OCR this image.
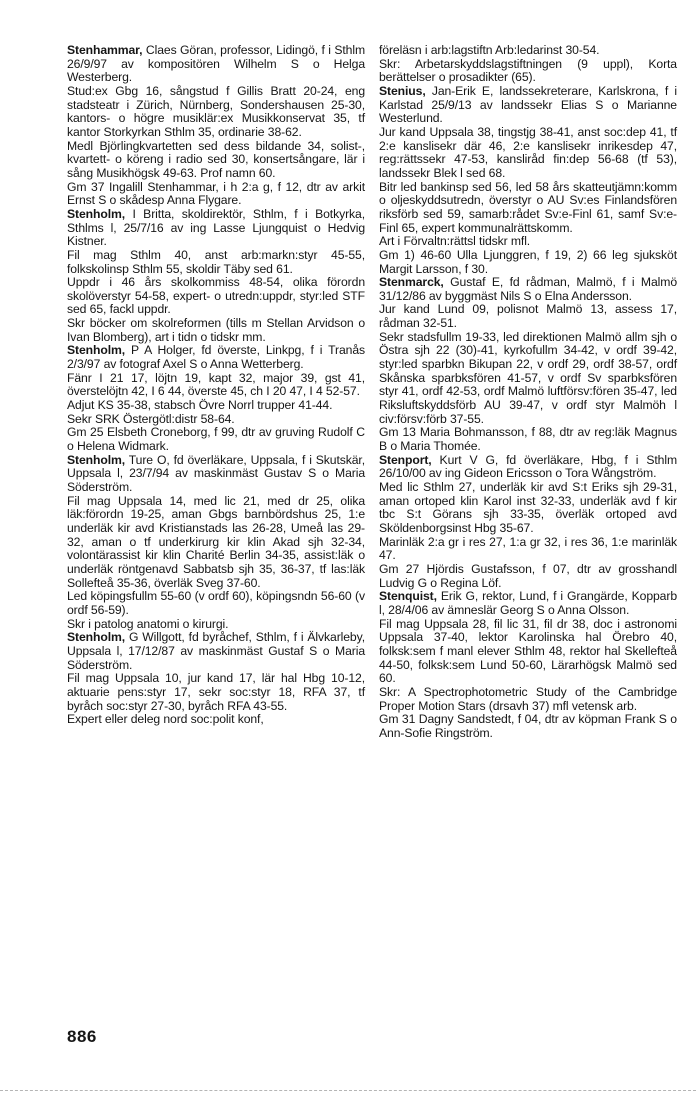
Stenhammar, Claes Göran, professor, Lidingö, f i Sthlm 26/9/97 av kompositören Wilhelm S o Helga Westerberg.

Stud:ex Gbg 16, sångstud f Gillis Bratt 20-24, eng stadsteatr i Zürich, Nürnberg, Sondershausen 25-30, kantors- o högre musiklär:ex Musikkonservat 35, tf kantor Storkyrkan Sthlm 35, ordinarie 38-62.

Medl Björlingkvartetten sed dess bildande 34, solist-, kvartett- o köreng i radio sed 30, konsertsångare, lär i sång Musikhögsk 49-63. Prof namn 60.

Gm 37 Ingalill Stenhammar, i h 2:a g, f 12, dtr av arkit Ernst S o skådesp Anna Flygare.

Stenholm, I Britta, skoldirektör, Sthlm, f i Botkyrka, Sthlms l, 25/7/16 av ing Lasse Ljungquist o Hedvig Kistner.

Fil mag Sthlm 40, anst arb:markn:styr 45-55, folkskolinsp Sthlm 55, skoldir Täby sed 61.

Uppdr i 46 års skolkommiss 48-54, olika förordn skolöverstyr 54-58, expert- o utredn:uppdr, styr:led STF sed 65, fackl uppdr.

Skr böcker om skolreformen (tills m Stellan Arvidson o Ivan Blomberg), art i tidn o tidskr mm.

Stenholm, P A Holger, fd överste, Linkpg, f i Tranås 2/3/97 av fotograf Axel S o Anna Wetterberg.

Fänr I 21 17, löjtn 19, kapt 32, major 39, gst 41, överstelöjtn 42, I 6 44, överste 45, ch I 20 47, I 4 52-57.

Adjut KS 35-38, stabsch Övre Norrl trupper 41-44.

Sekr SRK Östergötl:distr 58-64.

Gm 25 Elsbeth Croneborg, f 99, dtr av gruving Rudolf C o Helena Widmark.

Stenholm, Ture O, fd överläkare, Uppsala, f i Skutskär, Uppsala l, 23/7/94 av maskinmäst Gustav S o Maria Söderström.

Fil mag Uppsala 14, med lic 21, med dr 25, olika läk:förordn 19-25, aman Gbgs barnbördshus 25, 1:e underläk kir avd Kristianstads las 26-28, Umeå las 29-32, aman o tf underkirurg kir klin Akad sjh 32-34, volontärassist kir klin Charité Berlin 34-35, assist:läk o underläk röntgenavd Sabbatsb sjh 35, 36-37, tf las:läk Sollefteå 35-36, överläk Sveg 37-60.

Led köpingsfullm 55-60 (v ordf 60), köpingsndn 56-60 (v ordf 56-59).

Skr i patolog anatomi o kirurgi.

Stenholm, G Willgott, fd byråchef, Sthlm, f i Älvkarleby, Uppsala l, 17/12/87 av maskinmäst Gustaf S o Maria Söderström.

Fil mag Uppsala 10, jur kand 17, lär hal Hbg 10-12, aktuarie pens:styr 17, sekr soc:styr 18, RFA 37, tf byråch soc:styr 27-30, byråch RFA 43-55.

Expert eller deleg nord soc:polit konf,

föreläsn i arb:lagstiftn Arb:ledarinst 30-54.

Skr: Arbetarskyddslagstiftningen (9 uppl), Korta berättelser o prosadikter (65).

Stenius, Jan-Erik E, landssekreterare, Karlskrona, f i Karlstad 25/9/13 av landssekr Elias S o Marianne Westerlund.

Jur kand Uppsala 38, tingstjg 38-41, anst soc:dep 41, tf 2:e kanslisekr där 46, 2:e kanslisekr inrikesdep 47, reg:rättssekr 47-53, kansliråd fin:dep 56-68 (tf 53), landssekr Blek l sed 68.

Bitr led bankinsp sed 56, led 58 års skatteutjämn:komm o oljeskyddsutredn, överstyr o AU Sv:es Finlandsfören riksförb sed 59, samarb:rådet Sv:e-Finl 61, samf Sv:e-Finl 65, expert kommunalrättskomm.

Art i Förvaltn:rättsl tidskr mfl.

Gm 1) 46-60 Ulla Ljunggren, f 19, 2) 66 leg sjuksköt Margit Larsson, f 30.

Stenmarck, Gustaf E, fd rådman, Malmö, f i Malmö 31/12/86 av byggmäst Nils S o Elna Andersson.

Jur kand Lund 09, polisnot Malmö 13, assess 17, rådman 32-51.

Sekr stadsfullm 19-33, led direktionen Malmö allm sjh o Östra sjh 22 (30)-41, kyrkofullm 34-42, v ordf 39-42, styr:led sparbkn Bikupan 22, v ordf 29, ordf 38-57, ordf Skånska sparbksfören 41-57, v ordf Sv sparbksfören styr 41, ordf 42-53, ordf Malmö luftförsv:fören 35-47, led Riksluftskyddsförb AU 39-47, v ordf styr Malmöh l civ:försv:förb 37-55.

Gm 13 Maria Bohmansson, f 88, dtr av reg:läk Magnus B o Maria Thomée.

Stenport, Kurt V G, fd överläkare, Hbg, f i Sthlm 26/10/00 av ing Gideon Ericsson o Tora Wångström.

Med lic Sthlm 27, underläk kir avd S:t Eriks sjh 29-31, aman ortoped klin Karol inst 32-33, underläk avd f kir tbc S:t Görans sjh 33-35, överläk ortoped avd Sköldenborgsinst Hbg 35-67.

Marinläk 2:a gr i res 27, 1:a gr 32, i res 36, 1:e marinläk 47.

Gm 27 Hjördis Gustafsson, f 07, dtr av grosshandl Ludvig G o Regina Löf.

Stenquist, Erik G, rektor, Lund, f i Grangärde, Kopparb l, 28/4/06 av ämneslär Georg S o Anna Olsson.

Fil mag Uppsala 28, fil lic 31, fil dr 38, doc i astronomi Uppsala 37-40, lektor Karolinska hal Örebro 40, folksk:sem f manl elever Sthlm 48, rektor hal Skellefteå 44-50, folksk:sem Lund 50-60, Lärarhögsk Malmö sed 60.

Skr: A Spectrophotometric Study of the Cambridge Proper Motion Stars (drsavh 37) mfl vetensk arb.

Gm 31 Dagny Sandstedt, f 04, dtr av köpman Frank S o Ann-Sofie Ringström.

886
